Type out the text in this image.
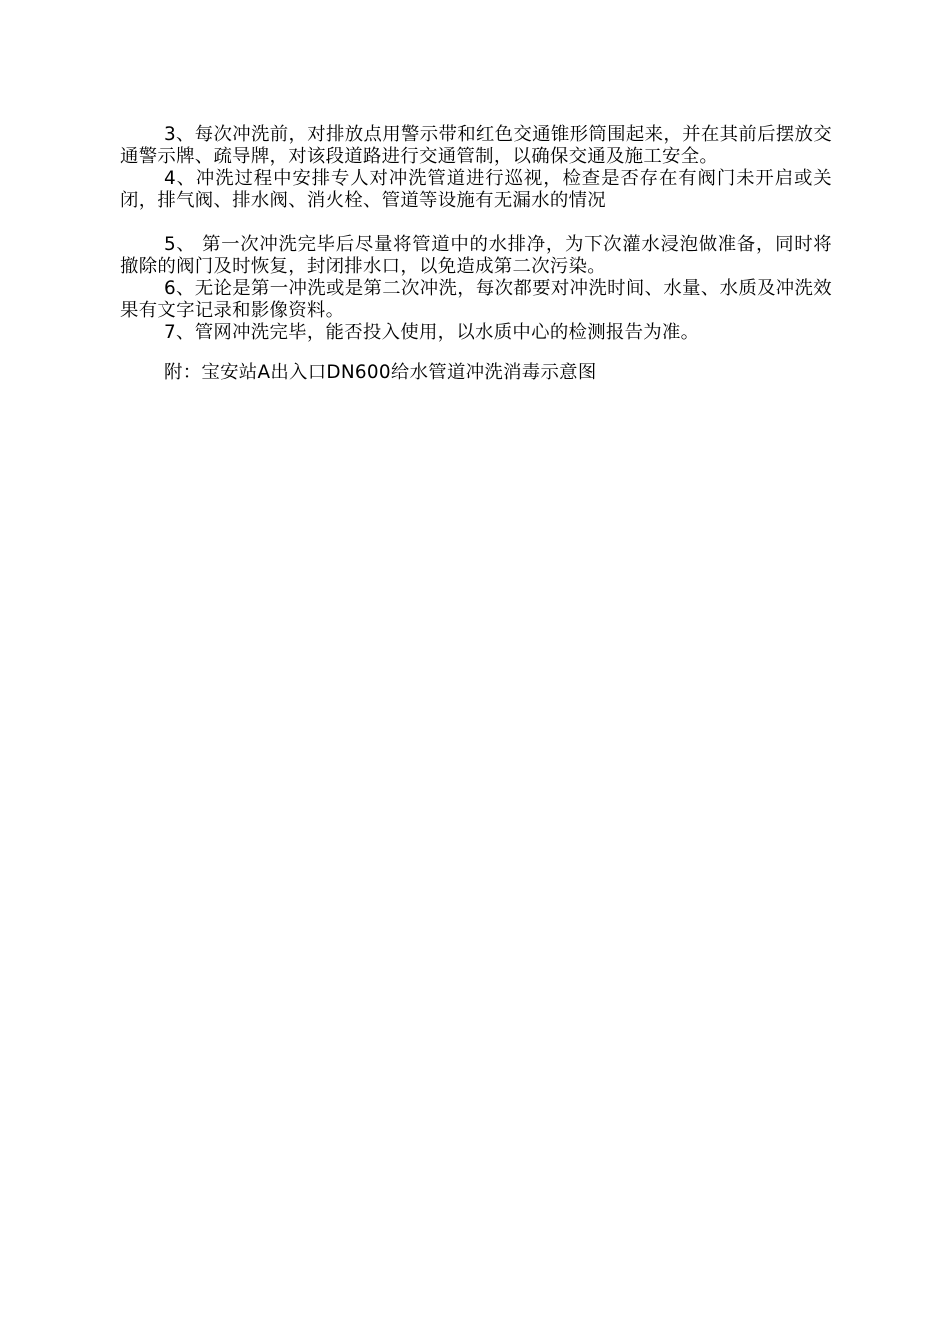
3、每次冲洗前，对排放点用警示带和红色交通锥形筒围起来，并在其前后摆放交通警示牌、疏导牌，对该段道路进行交通管制，以确保交通及施工安全。

4、冲洗过程中安排专人对冲洗管道进行巡视，检查是否存在有阀门未开启或关闭，排气阀、排水阀、消火栓、管道等设施有无漏水的情况

5、 第一次冲洗完毕后尽量将管道中的水排净，为下次灌水浸泡做准备，同时将撤除的阀门及时恢复，封闭排水口，以免造成第二次污染。

6、无论是第一冲洗或是第二次冲洗，每次都要对冲洗时间、水量、水质及冲洗效果有文字记录和影像资料。

7、管网冲洗完毕，能否投入使用，以水质中心的检测报告为准。

附：宝安站A出入口DN600给水管道冲洗消毒示意图
